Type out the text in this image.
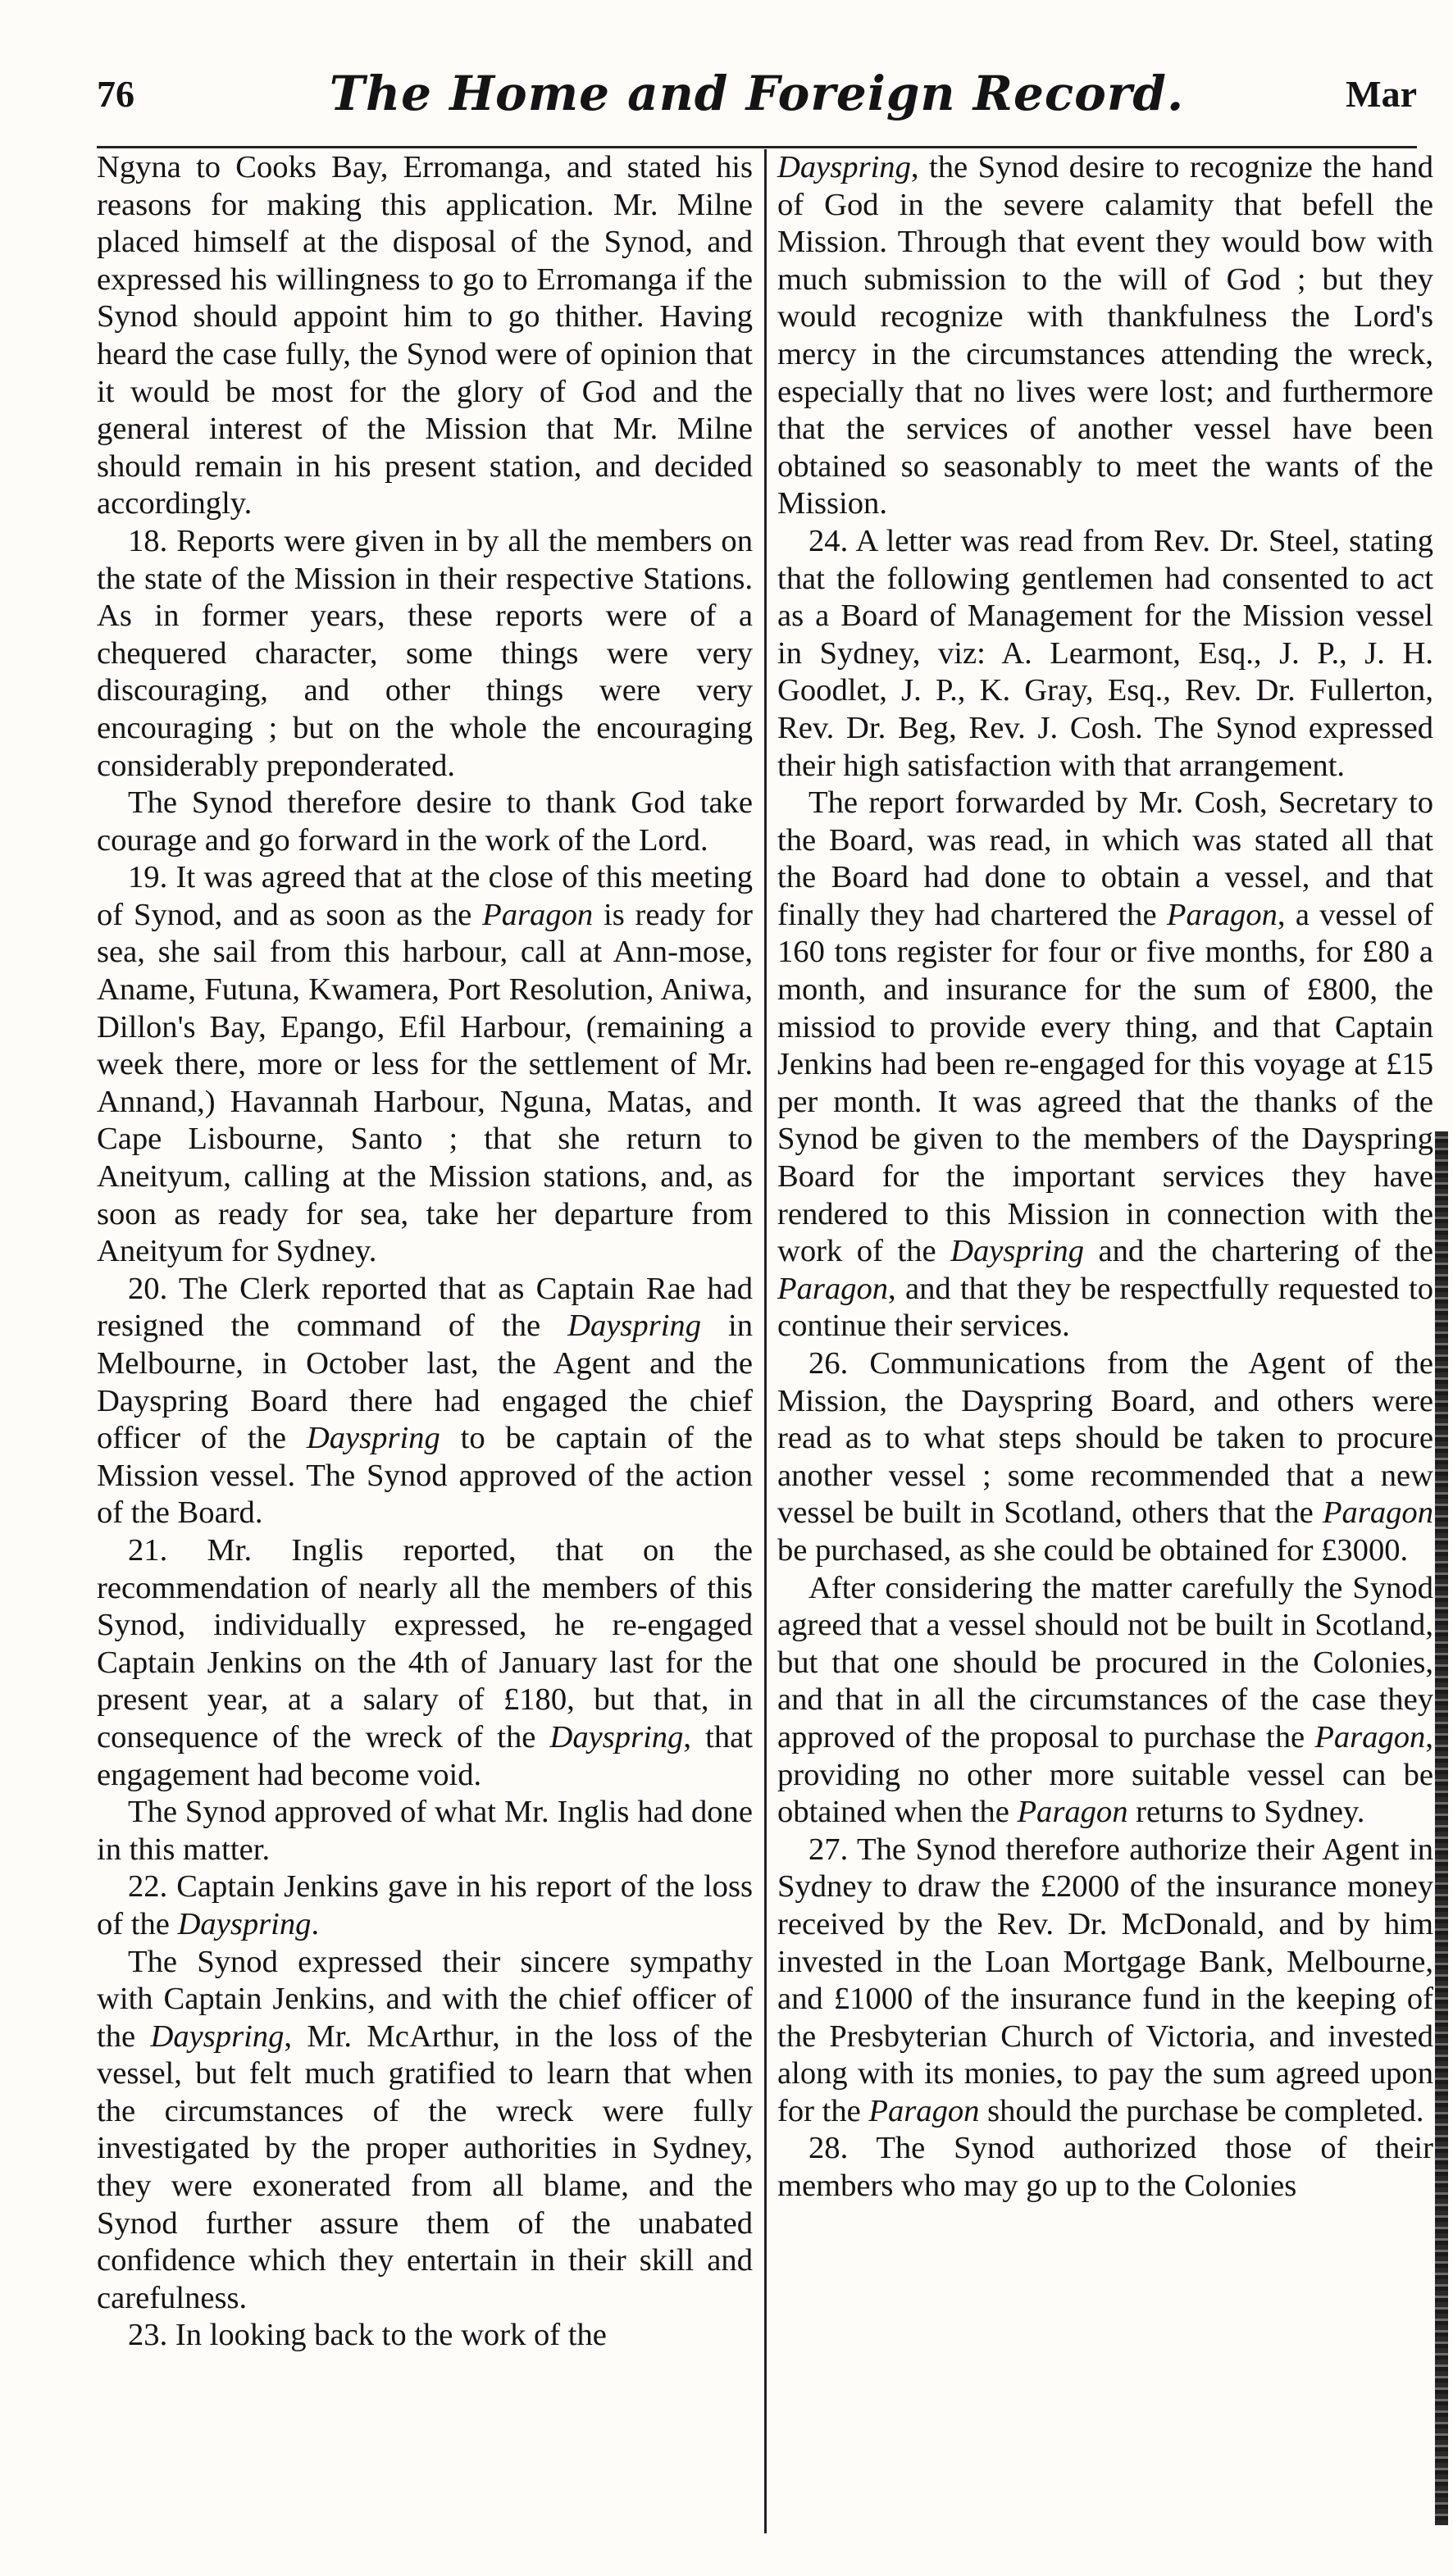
76	The Home and Foreign Record.	Mar

Ngyna to Cooks Bay, Erromanga, and stated his reasons for making this application. Mr. Milne placed himself at the disposal of the Synod, and expressed his willingness to go to Erromanga if the Synod should appoint him to go thither. Having heard the case fully, the Synod were of opinion that it would be most for the glory of God and the general interest of the Mission that Mr. Milne should remain in his present station, and decided accordingly.

18. Reports were given in by all the members on the state of the Mission in their respective Stations. As in former years, these reports were of a chequered character, some things were very discouraging, and other things were very encouraging ; but on the whole the encouraging considerably preponderated.

The Synod therefore desire to thank God take courage and go forward in the work of the Lord.

19. It was agreed that at the close of this meeting of Synod, and as soon as the Paragon is ready for sea, she sail from this harbour, call at Ann-mose, Aname, Futuna, Kwamera, Port Resolution, Aniwa, Dillon's Bay, Epango, Efil Harbour, (remaining a week there, more or less for the settlement of Mr. Annand,) Havannah Harbour, Nguna, Matas, and Cape Lisbourne, Santo ; that she return to Aneityum, calling at the Mission stations, and, as soon as ready for sea, take her departure from Aneityum for Sydney.

20. The Clerk reported that as Captain Rae had resigned the command of the Dayspring in Melbourne, in October last, the Agent and the Dayspring Board there had engaged the chief officer of the Dayspring to be captain of the Mission vessel. The Synod approved of the action of the Board.

21. Mr. Inglis reported, that on the recommendation of nearly all the members of this Synod, individually expressed, he re-engaged Captain Jenkins on the 4th of January last for the present year, at a salary of £180, but that, in consequence of the wreck of the Dayspring, that engagement had become void.

The Synod approved of what Mr. Inglis had done in this matter.

22. Captain Jenkins gave in his report of the loss of the Dayspring.

The Synod expressed their sincere sympathy with Captain Jenkins, and with the chief officer of the Dayspring, Mr. McArthur, in the loss of the vessel, but felt much gratified to learn that when the circumstances of the wreck were fully investigated by the proper authorities in Sydney, they were exonerated from all blame, and the Synod further assure them of the unabated confidence which they entertain in their skill and carefulness.

23. In looking back to the work of the

Dayspring, the Synod desire to recognize the hand of God in the severe calamity that befell the Mission. Through that event they would bow with much submission to the will of God ; but they would recognize with thankfulness the Lord's mercy in the circumstances attending the wreck, especially that no lives were lost; and furthermore that the services of another vessel have been obtained so seasonably to meet the wants of the Mission.

24. A letter was read from Rev. Dr. Steel, stating that the following gentlemen had consented to act as a Board of Management for the Mission vessel in Sydney, viz: A. Learmont, Esq., J. P., J. H. Goodlet, J. P., K. Gray, Esq., Rev. Dr. Fullerton, Rev. Dr. Beg, Rev. J. Cosh. The Synod expressed their high satisfaction with that arrangement.

The report forwarded by Mr. Cosh, Secretary to the Board, was read, in which was stated all that the Board had done to obtain a vessel, and that finally they had chartered the Paragon, a vessel of 160 tons register for four or five months, for £80 a month, and insurance for the sum of £800, the missiod to provide every thing, and that Captain Jenkins had been re-engaged for this voyage at £15 per month. It was agreed that the thanks of the Synod be given to the members of the Dayspring Board for the important services they have rendered to this Mission in connection with the work of the Dayspring and the chartering of the Paragon, and that they be respectfully requested to continue their services.

26. Communications from the Agent of the Mission, the Dayspring Board, and others were read as to what steps should be taken to procure another vessel ; some recommended that a new vessel be built in Scotland, others that the Paragon be purchased, as she could be obtained for £3000.

After considering the matter carefully the Synod agreed that a vessel should not be built in Scotland, but that one should be procured in the Colonies, and that in all the circumstances of the case they approved of the proposal to purchase the Paragon, providing no other more suitable vessel can be obtained when the Paragon returns to Sydney.

27. The Synod therefore authorize their Agent in Sydney to draw the £2000 of the insurance money received by the Rev. Dr. McDonald, and by him invested in the Loan Mortgage Bank, Melbourne, and £1000 of the insurance fund in the keeping of the Presbyterian Church of Victoria, and invested along with its monies, to pay the sum agreed upon for the Paragon should the purchase be completed.

28. The Synod authorized those of their members who may go up to the Colonies
